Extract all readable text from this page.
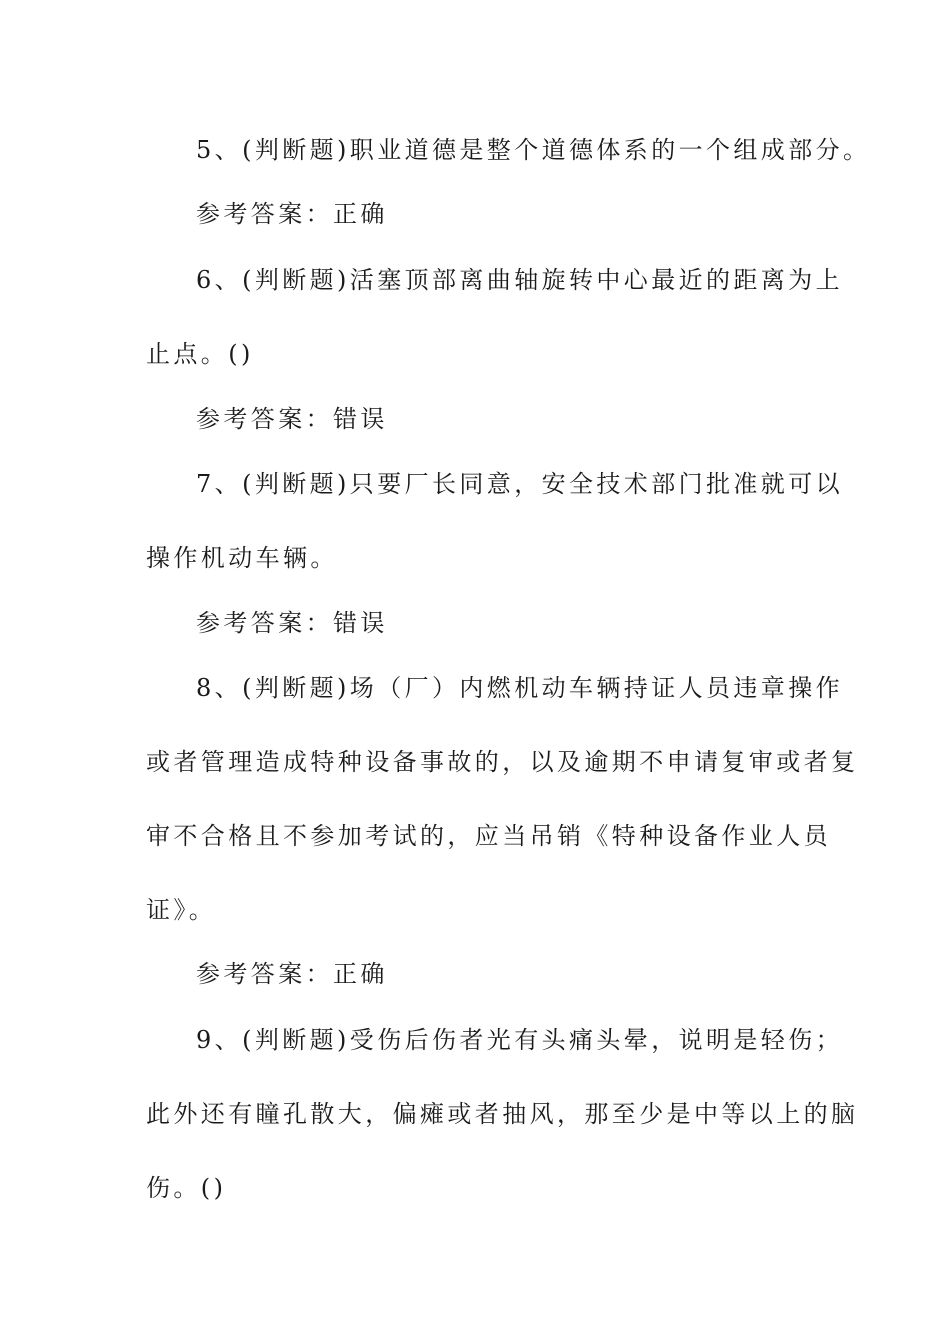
5、(判断题)职业道德是整个道德体系的一个组成部分。
参考答案：正确
6、(判断题)活塞顶部离曲轴旋转中心最近的距离为上
止点。()
参考答案：错误
7、(判断题)只要厂长同意，安全技术部门批准就可以
操作机动车辆。
参考答案：错误
8、(判断题)场（厂）内燃机动车辆持证人员违章操作
或者管理造成特种设备事故的，以及逾期不申请复审或者复
审不合格且不参加考试的，应当吊销《特种设备作业人员
证》。
参考答案：正确
9、(判断题)受伤后伤者光有头痛头晕，说明是轻伤；
此外还有瞳孔散大，偏瘫或者抽风，那至少是中等以上的脑
伤。()
